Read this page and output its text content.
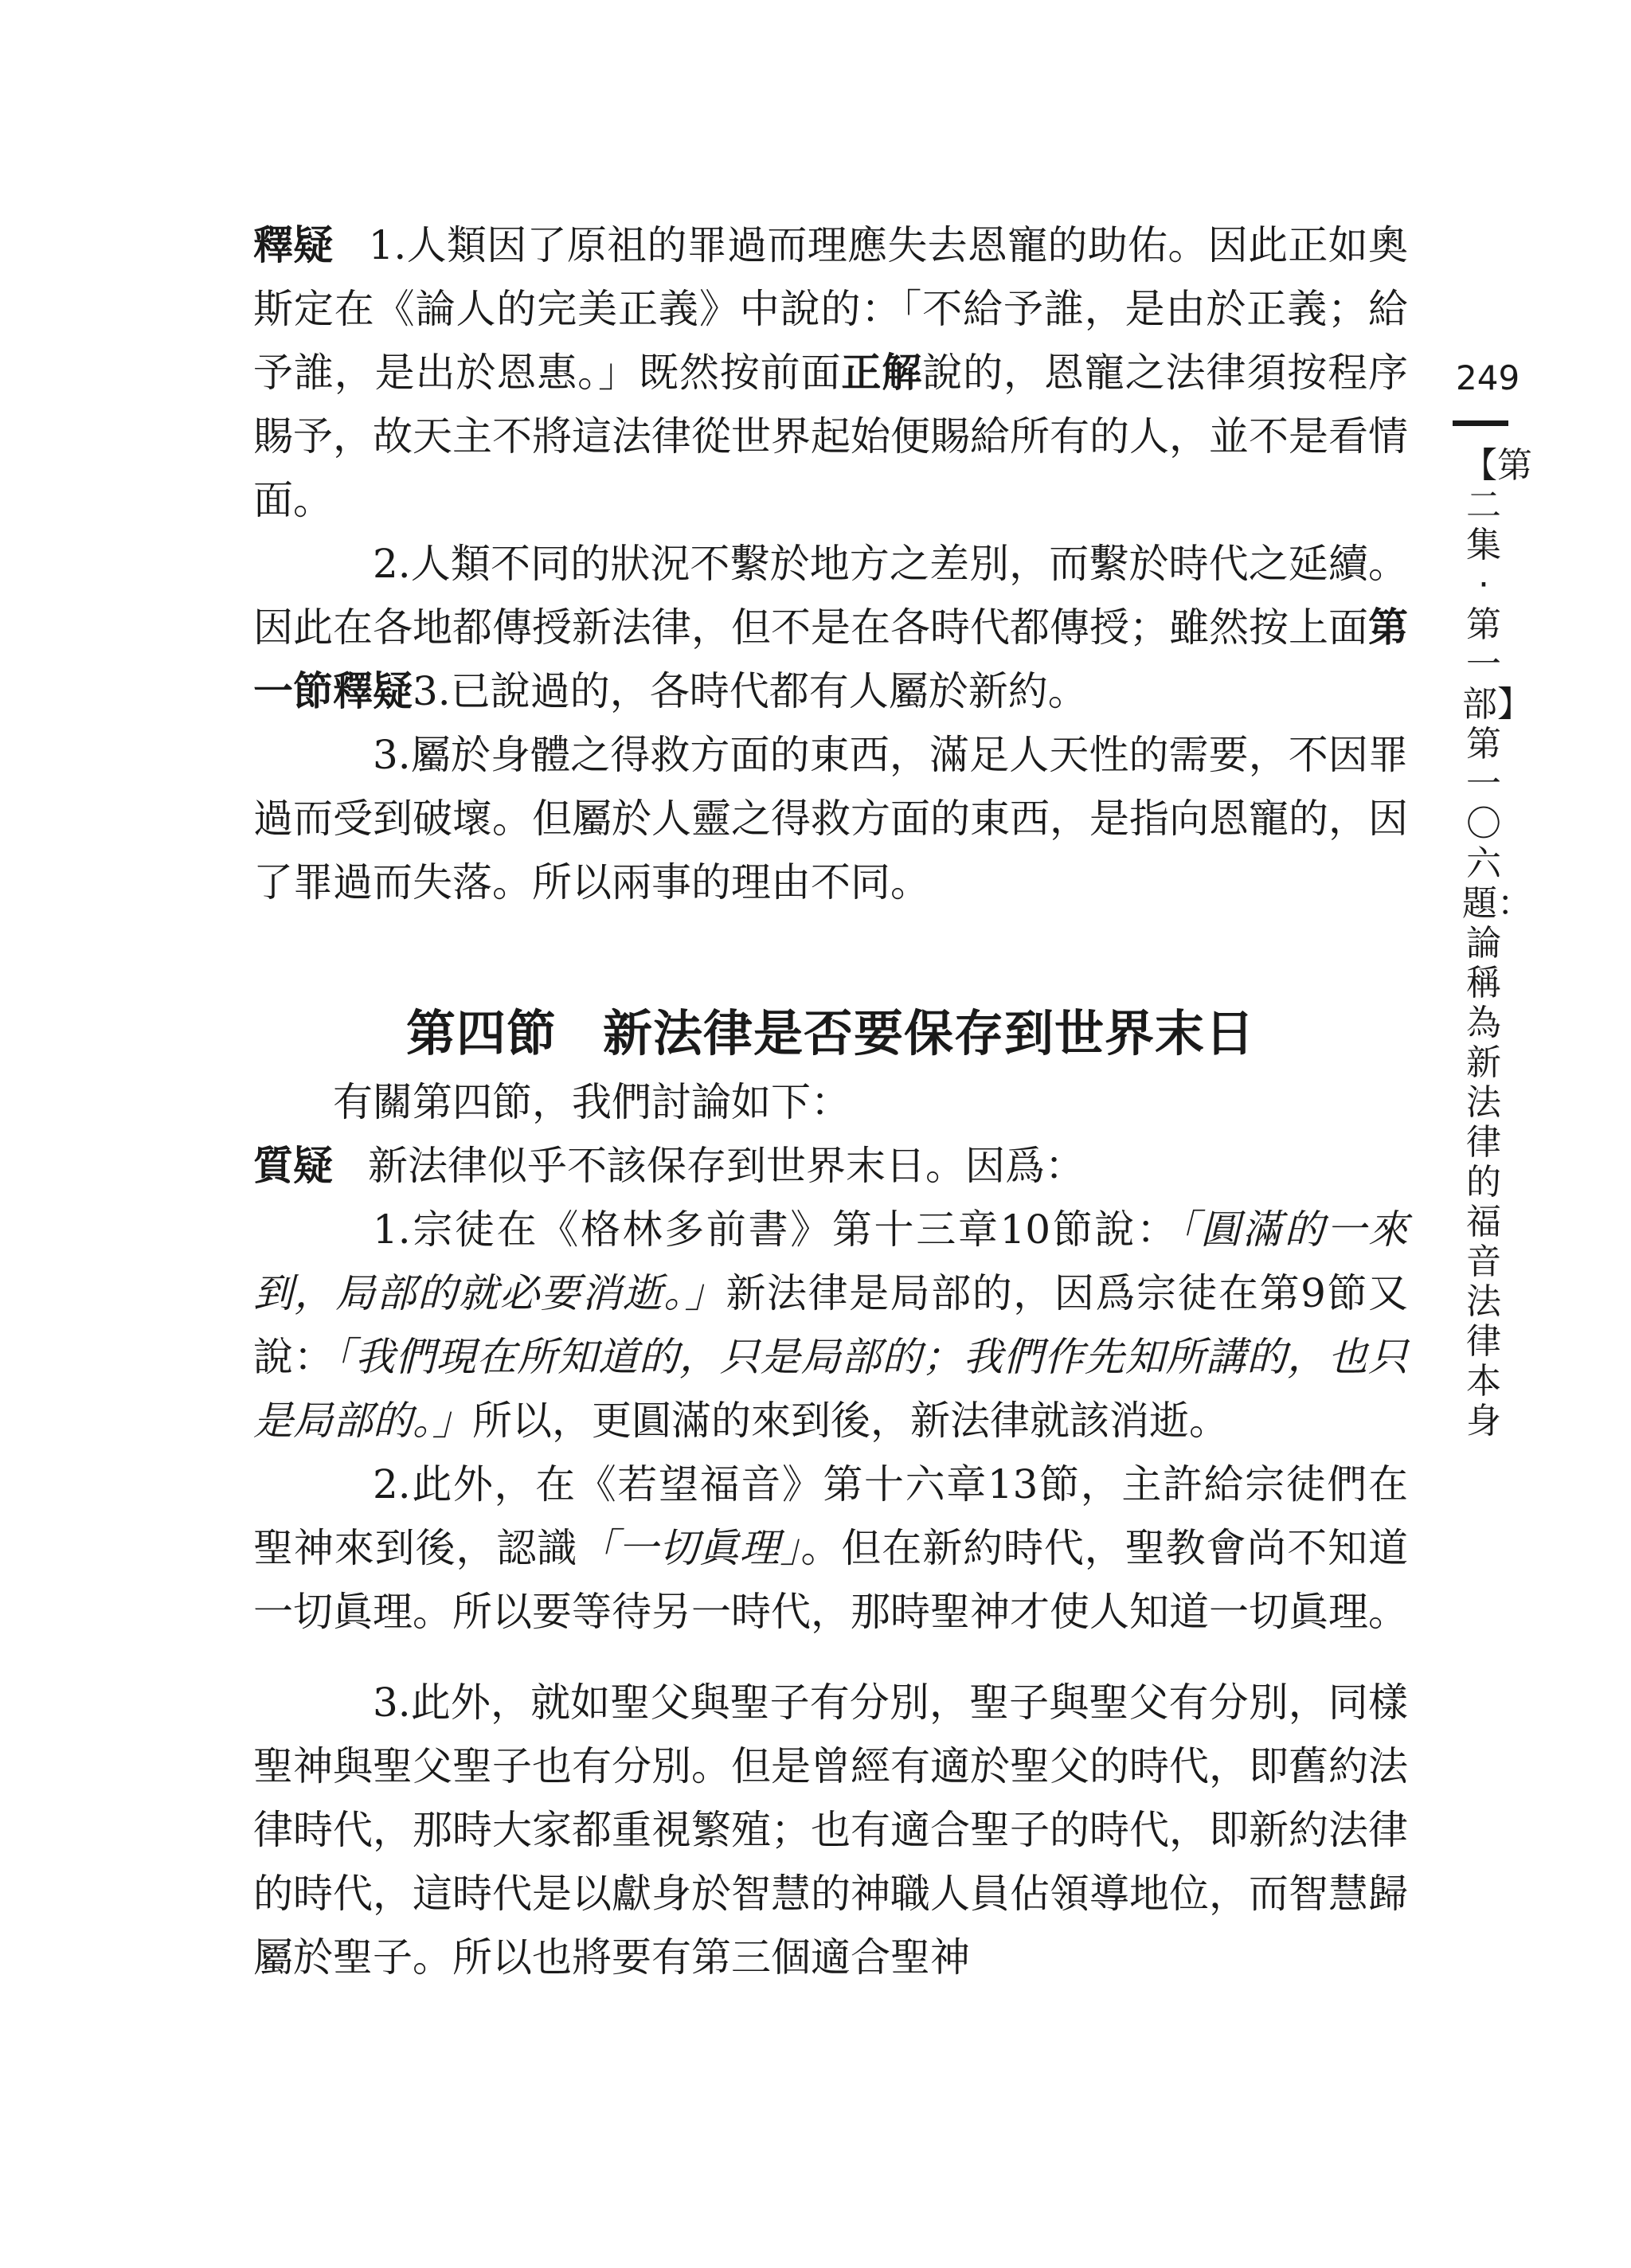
釋疑 1.人類因了原祖的罪過而理應失去恩寵的助佑。因此正如奧斯定在《論人的完美正義》中說的：「不給予誰，是由於正義；給予誰，是出於恩惠。」既然按前面正解說的，恩寵之法律須按程序賜予，故天主不將這法律從世界起始便賜給所有的人，並不是看情面。

2.人類不同的狀況不繫於地方之差別，而繫於時代之延續。因此在各地都傳授新法律，但不是在各時代都傳授；雖然按上面第一節釋疑3.已說過的，各時代都有人屬於新約。

3.屬於身體之得救方面的東西，滿足人天性的需要，不因罪過而受到破壞。但屬於人靈之得救方面的東西，是指向恩寵的，因了罪過而失落。所以兩事的理由不同。

第四節 新法律是否要保存到世界末日

有關第四節，我們討論如下：

質疑 新法律似乎不該保存到世界末日。因爲：

1.宗徒在《格林多前書》第十三章10節說：「圓滿的一來到，局部的就必要消逝。」新法律是局部的，因爲宗徒在第9節又說：「我們現在所知道的，只是局部的；我們作先知所講的，也只是局部的。」所以，更圓滿的來到後，新法律就該消逝。

2.此外，在《若望福音》第十六章13節，主許給宗徒們在聖神來到後，認識「一切眞理」。但在新約時代，聖教會尚不知道一切眞理。所以要等待另一時代，那時聖神才使人知道一切眞理。

3.此外，就如聖父與聖子有分別，聖子與聖父有分別，同樣聖神與聖父聖子也有分別。但是曾經有適於聖父的時代，即舊約法律時代，那時大家都重視繁殖；也有適合聖子的時代，即新約法律的時代，這時代是以獻身於智慧的神職人員佔領導地位，而智慧歸屬於聖子。所以也將要有第三個適合聖神

249
【第二集·第一部】第一〇六題：論稱為新法律的福音法律本身
